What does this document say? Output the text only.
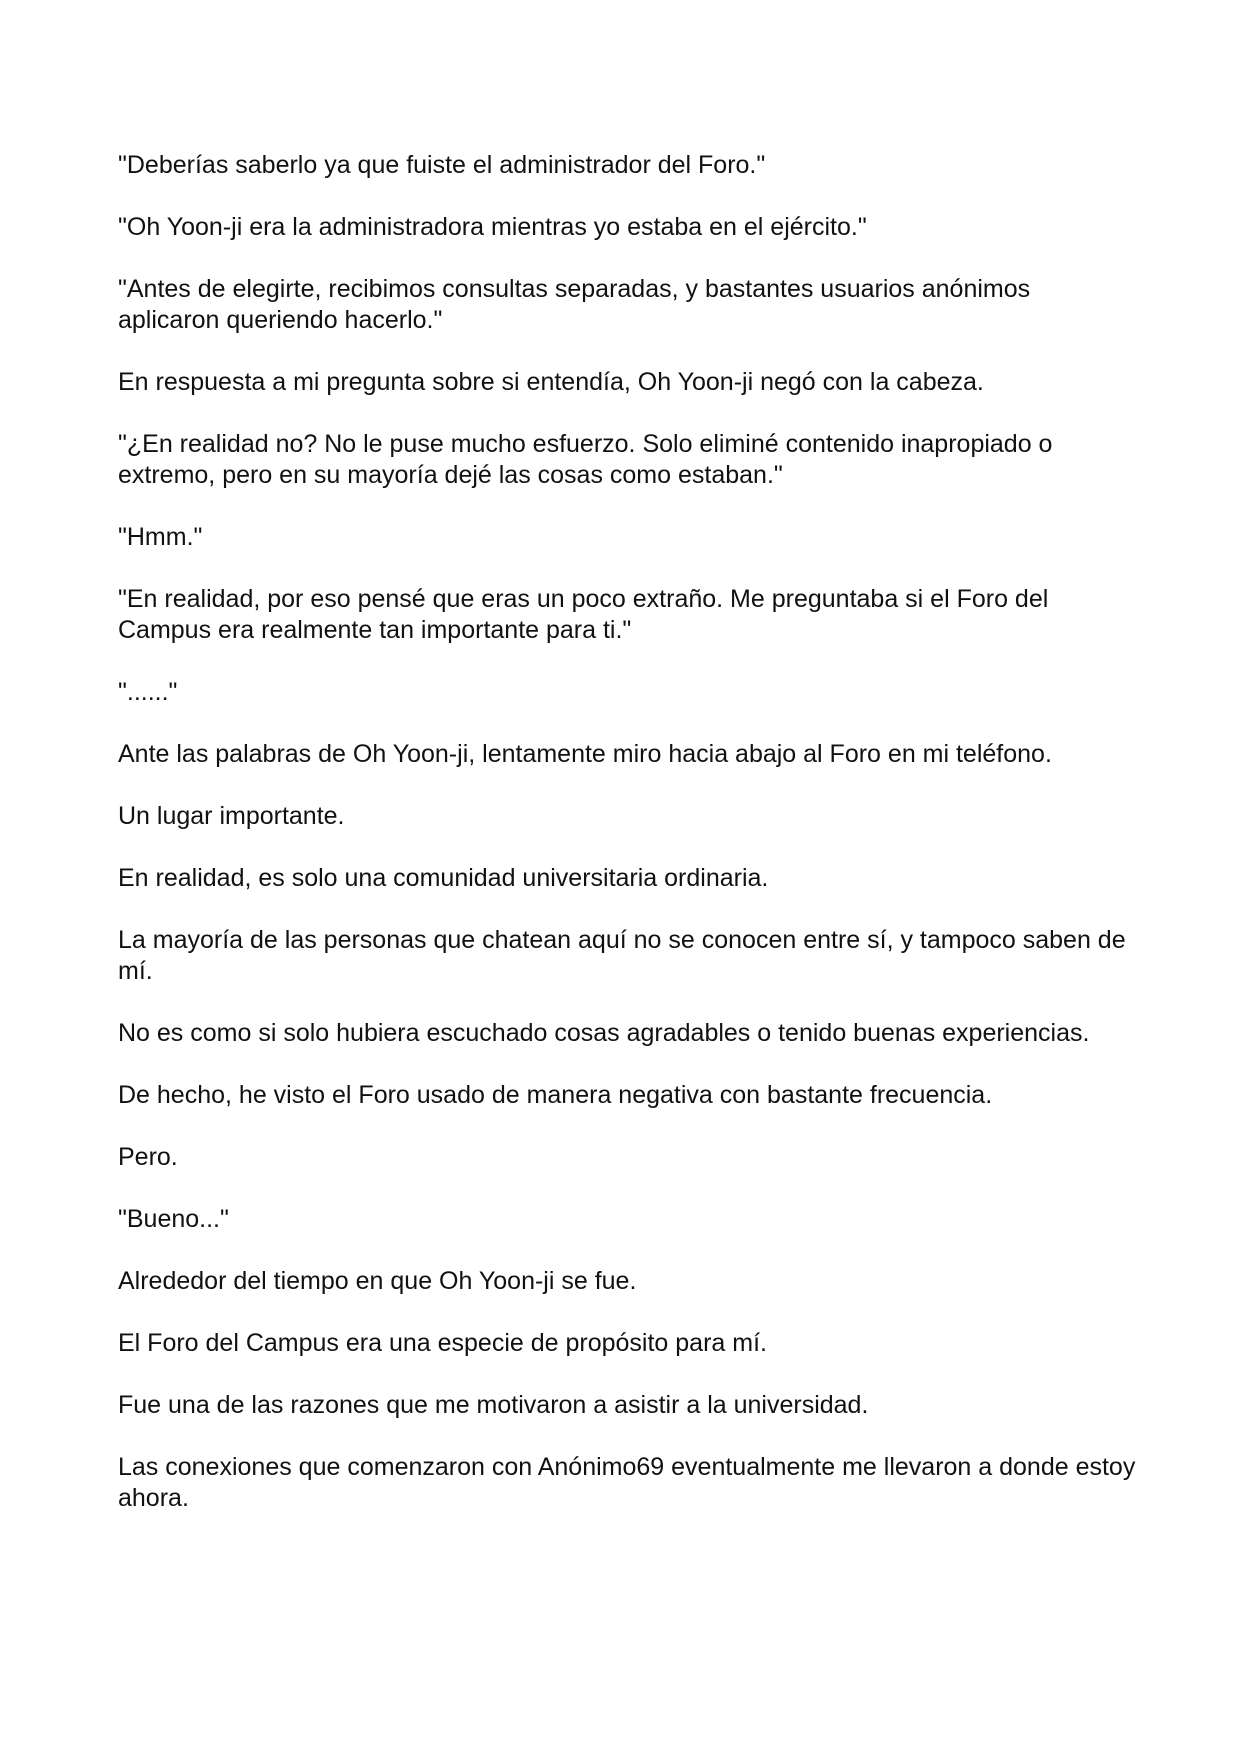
"Deberías saberlo ya que fuiste el administrador del Foro."

"Oh Yoon-ji era la administradora mientras yo estaba en el ejército."

"Antes de elegirte, recibimos consultas separadas, y bastantes usuarios anónimos aplicaron queriendo hacerlo."

En respuesta a mi pregunta sobre si entendía, Oh Yoon-ji negó con la cabeza.

"¿En realidad no? No le puse mucho esfuerzo. Solo eliminé contenido inapropiado o extremo, pero en su mayoría dejé las cosas como estaban."

"Hmm."

"En realidad, por eso pensé que eras un poco extraño. Me preguntaba si el Foro del Campus era realmente tan importante para ti."

"......"

Ante las palabras de Oh Yoon-ji, lentamente miro hacia abajo al Foro en mi teléfono.

Un lugar importante.

En realidad, es solo una comunidad universitaria ordinaria.

La mayoría de las personas que chatean aquí no se conocen entre sí, y tampoco saben de mí.

No es como si solo hubiera escuchado cosas agradables o tenido buenas experiencias.

De hecho, he visto el Foro usado de manera negativa con bastante frecuencia.

Pero.

"Bueno..."

Alrededor del tiempo en que Oh Yoon-ji se fue.

El Foro del Campus era una especie de propósito para mí.

Fue una de las razones que me motivaron a asistir a la universidad.

Las conexiones que comenzaron con Anónimo69 eventualmente me llevaron a donde estoy ahora.
